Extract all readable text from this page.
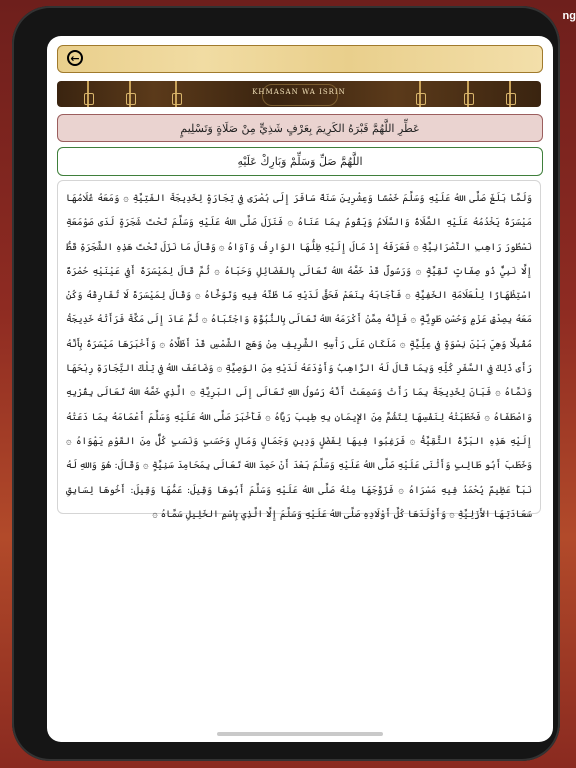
ng
←
KHMASAN WA ISRIN
عَطِّرِ اللَّهُمَّ قَبْرَهُ الكَرِيمَ بِعَرْفٍ شَذِيٍّ مِنْ صَلَاةٍ وَتَسْلِيمٍ
اللَّهُمَّ صَلِّ وَسَلِّمْ وَبَارِكْ عَلَيْهِ
وَلَمَّا بَلَغَ صَلَّى اللهُ عَلَيْهِ وَسَلَّمَ خَمْسًا وَعِشْرِينَ سَنَةً سَافَرَ إِلَى بُصْرَى فِي تِجَارَةٍ لِخَدِيجَةَ الفَتِيَّةِ ۞ وَمَعَهُ غُلَامُهَا مَيْسَرَةُ يَخْدُمُهُ عَلَيْهِ الصَّلَاةُ وَالسَّلَامُ وَيَقُومُ بِمَا عَنَاهُ ۞ فَنَزَلَ صَلَّى اللهُ عَلَيْهِ وَسَلَّمَ تَحْتَ شَجَرَةٍ لَدَى صَوْمَعَةِ نَسْطُورَ رَاهِبِ النَّصْرَانِيَّةِ ۞ فَعَرَفَهُ إِذْ مَالَ إِلَيْهِ ظِلُّهَا الوَارِفُ وَآوَاهُ ۞ وَقَالَ مَا نَزَلَ تَحْتَ هَذِهِ الشَّجَرَةِ قَطُّ إِلَّا نَبِيٌّ ذُو صِفَاتٍ تَقِيَّةٍ ۞ وَرَسُولٌ قَدْ خَصَّهُ اللهُ تَعَالَى بِالفَضَائِلِ وَحَبَاهُ ۞ ثُمَّ قَالَ لِمَيْسَرَةَ أَفِي عَيْنَيْهِ حُمْرَةٌ اسْتِظْهَارًا لِلْعَلَامَةِ الخَفِيَّةِ ۞ فَأَجَابَهُ بِنَعَمْ فَحَقَّ لَدَيْهِ مَا ظَنَّهُ فِيهِ وَتَوَخَّاهُ ۞ وَقَالَ لِمَيْسَرَةَ لَا تُفَارِقْهُ وَكُنْ مَعَهُ بِصِدْقِ عَزْمٍ وَحُسْنِ طَوِيَّةٍ ۞ فَإِنَّهُ مِمَّنْ أَكْرَمَهُ اللهُ تَعَالَى بِالنُّبُوَّةِ وَاجْتَبَاهُ ۞ ثُمَّ عَادَ إِلَى مَكَّةَ فَرَأَتْهُ خَدِيجَةُ مُقْبِلًا وَهِيَ بَيْنَ نِسْوَةٍ فِي عِلِّيَّةٍ ۞ مَلَكَانِ عَلَى رَأْسِهِ الشَّرِيفِ مِنْ وَهَجِ الشَّمْسِ قَدْ أَظَلَّاهُ ۞ وَأَخْبَرَهَا مَيْسَرَةُ بِأَنَّهُ رَأَى ذَلِكَ فِي السَّفَرِ كُلِّهِ وَبِمَا قَالَ لَهُ الرَّاهِبُ وَأَوْدَعَهُ لَدَيْهِ مِنَ الوَصِيَّةِ ۞ وَضَاعَفَ اللهُ فِي تِلْكَ التِّجَارَةِ رِبْحَهَا وَنَمَّاهُ ۞ فَبَانَ لِخَدِيجَةَ بِمَا رَأَتْ وَسَمِعَتْ أَنَّهُ رَسُولُ اللهِ تَعَالَى إِلَى البَرِيَّةِ ۞ الَّذِي خَصَّهُ اللهُ تَعَالَى بِقُرْبِهِ وَاصْطَفَاهُ ۞ فَخَطَبَتْهُ لِنَفْسِهَا لِتَشُمَّ مِنَ الإِيمَانِ بِهِ طِيبَ رَيَّاهُ ۞ فَأَخْبَرَ صَلَّى اللهُ عَلَيْهِ وَسَلَّمَ أَعْمَامَهُ بِمَا دَعَتْهُ إِلَيْهِ هَذِهِ البَرَّةُ التَّقِيَّةُ ۞ فَرَغِبُوا فِيهَا لِفَضْلٍ وَدِينٍ وَجَمَالٍ وَمَالٍ وَحَسَبٍ وَنَسَبٍ كُلٌّ مِنَ القَوْمِ يَهْوَاهُ ۞ وَخَطَبَ أَبُو طَالِبٍ وَأَثْنَى عَلَيْهِ صَلَّى اللهُ عَلَيْهِ وَسَلَّمَ بَعْدَ أَنْ حَمِدَ اللهَ تَعَالَى بِمَحَامِدَ سَنِيَّةٍ ۞ وَقَالَ: هُوَ وَاللهِ لَهُ نَبَأٌ عَظِيمٌ يُحْمَدُ فِيهِ مَسْرَاهُ ۞ فَزَوَّجَهَا مِنْهُ صَلَّى اللهُ عَلَيْهِ وَسَلَّمَ أَبُوهَا وَقِيلَ: عَمُّهَا وَقِيلَ: أَخُوهَا لِسَابِقِ سَعَادَتِهَا الأَزَلِيَّةِ ۞ وَأَوْلَدَهَا كُلَّ أَوْلَادِهِ صَلَّى اللهُ عَلَيْهِ وَسَلَّمَ إِلَّا الَّذِي بِاسْمِ الخَلِيلِ سَمَّاهُ ۞
